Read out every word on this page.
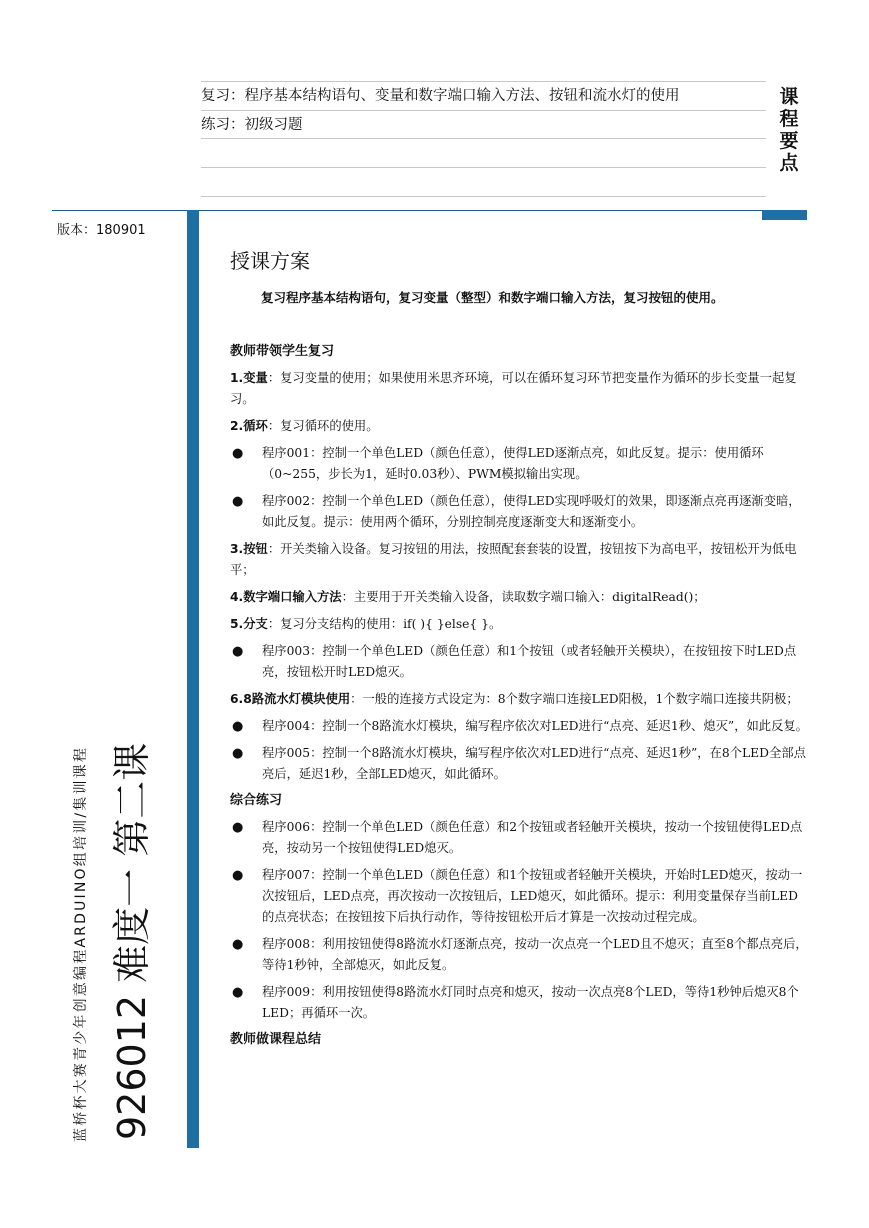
复习：程序基本结构语句、变量和数字端口输入方法、按钮和流水灯的使用
练习：初级习题
课
程
要
点
版本：180901
蓝桥杯大赛青少年创意编程ARDUINO组培训/集训课程 926012 难度一 第二课
授课方案

复习程序基本结构语句，复习变量（整型）和数字端口输入方法，复习按钮的使用。

教师带领学生复习

1.变量：复习变量的使用；如果使用米思齐环境，可以在循环复习环节把变量作为循环的步长变量一起复习。

2.循环：复习循环的使用。

● 程序001：控制一个单色LED（颜色任意），使得LED逐渐点亮，如此反复。提示：使用循环（0~255，步长为1，延时0.03秒）、PWM模拟输出实现。
● 程序002：控制一个单色LED（颜色任意），使得LED实现呼吸灯的效果，即逐渐点亮再逐渐变暗，如此反复。提示：使用两个循环，分别控制亮度逐渐变大和逐渐变小。

3.按钮：开关类输入设备。复习按钮的用法，按照配套套装的设置，按钮按下为高电平，按钮松开为低电平；

4.数字端口输入方法：主要用于开关类输入设备，读取数字端口输入：digitalRead()；

5.分支：复习分支结构的使用：if( ){ }else{ }。

● 程序003：控制一个单色LED（颜色任意）和1个按钮（或者轻触开关模块），在按钮按下时LED点亮，按钮松开时LED熄灭。

6.8路流水灯模块使用：一般的连接方式设定为：8个数字端口连接LED阳极，1个数字端口连接共阴极；

● 程序004：控制一个8路流水灯模块，编写程序依次对LED进行“点亮、延迟1秒、熄灭”，如此反复。
● 程序005：控制一个8路流水灯模块，编写程序依次对LED进行“点亮、延迟1秒”，在8个LED全部点亮后，延迟1秒，全部LED熄灭，如此循环。

综合练习

● 程序006：控制一个单色LED（颜色任意）和2个按钮或者轻触开关模块，按动一个按钮使得LED点亮，按动另一个按钮使得LED熄灭。
● 程序007：控制一个单色LED（颜色任意）和1个按钮或者轻触开关模块，开始时LED熄灭，按动一次按钮后，LED点亮，再次按动一次按钮后，LED熄灭，如此循环。提示：利用变量保存当前LED的点亮状态；在按钮按下后执行动作，等待按钮松开后才算是一次按动过程完成。
● 程序008：利用按钮使得8路流水灯逐渐点亮，按动一次点亮一个LED且不熄灭；直至8个都点亮后，等待1秒钟，全部熄灭，如此反复。
● 程序009：利用按钮使得8路流水灯同时点亮和熄灭，按动一次点亮8个LED，等待1秒钟后熄灭8个LED；再循环一次。

教师做课程总结
